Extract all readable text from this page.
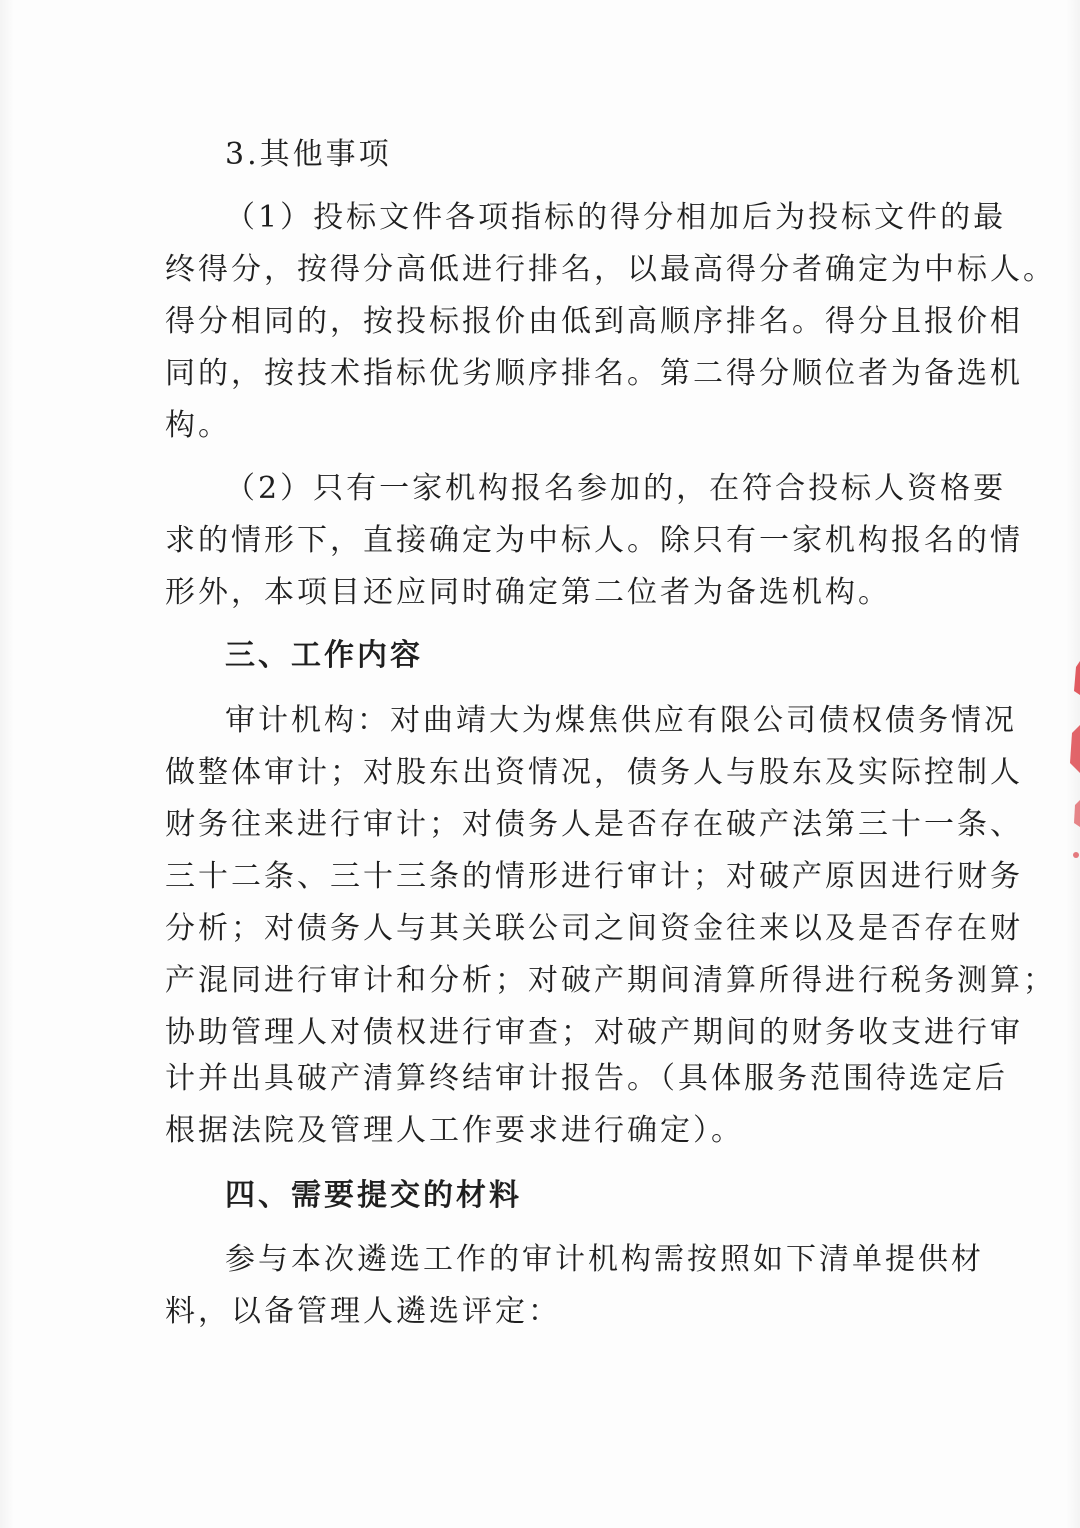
3.其他事项

（1）投标文件各项指标的得分相加后为投标文件的最

终得分，按得分高低进行排名，以最高得分者确定为中标人。

得分相同的，按投标报价由低到高顺序排名。得分且报价相

同的，按技术指标优劣顺序排名。第二得分顺位者为备选机

构。

（2）只有一家机构报名参加的，在符合投标人资格要

求的情形下，直接确定为中标人。除只有一家机构报名的情

形外，本项目还应同时确定第二位者为备选机构。

三、工作内容

审计机构：对曲靖大为煤焦供应有限公司债权债务情况

做整体审计；对股东出资情况，债务人与股东及实际控制人

财务往来进行审计；对债务人是否存在破产法第三十一条、

三十二条、三十三条的情形进行审计；对破产原因进行财务

分析；对债务人与其关联公司之间资金往来以及是否存在财

产混同进行审计和分析；对破产期间清算所得进行税务测算；

协助管理人对债权进行审查；对破产期间的财务收支进行审

计并出具破产清算终结审计报告。（具体服务范围待选定后

根据法院及管理人工作要求进行确定）。

四、需要提交的材料

参与本次遴选工作的审计机构需按照如下清单提供材

料，以备管理人遴选评定：
